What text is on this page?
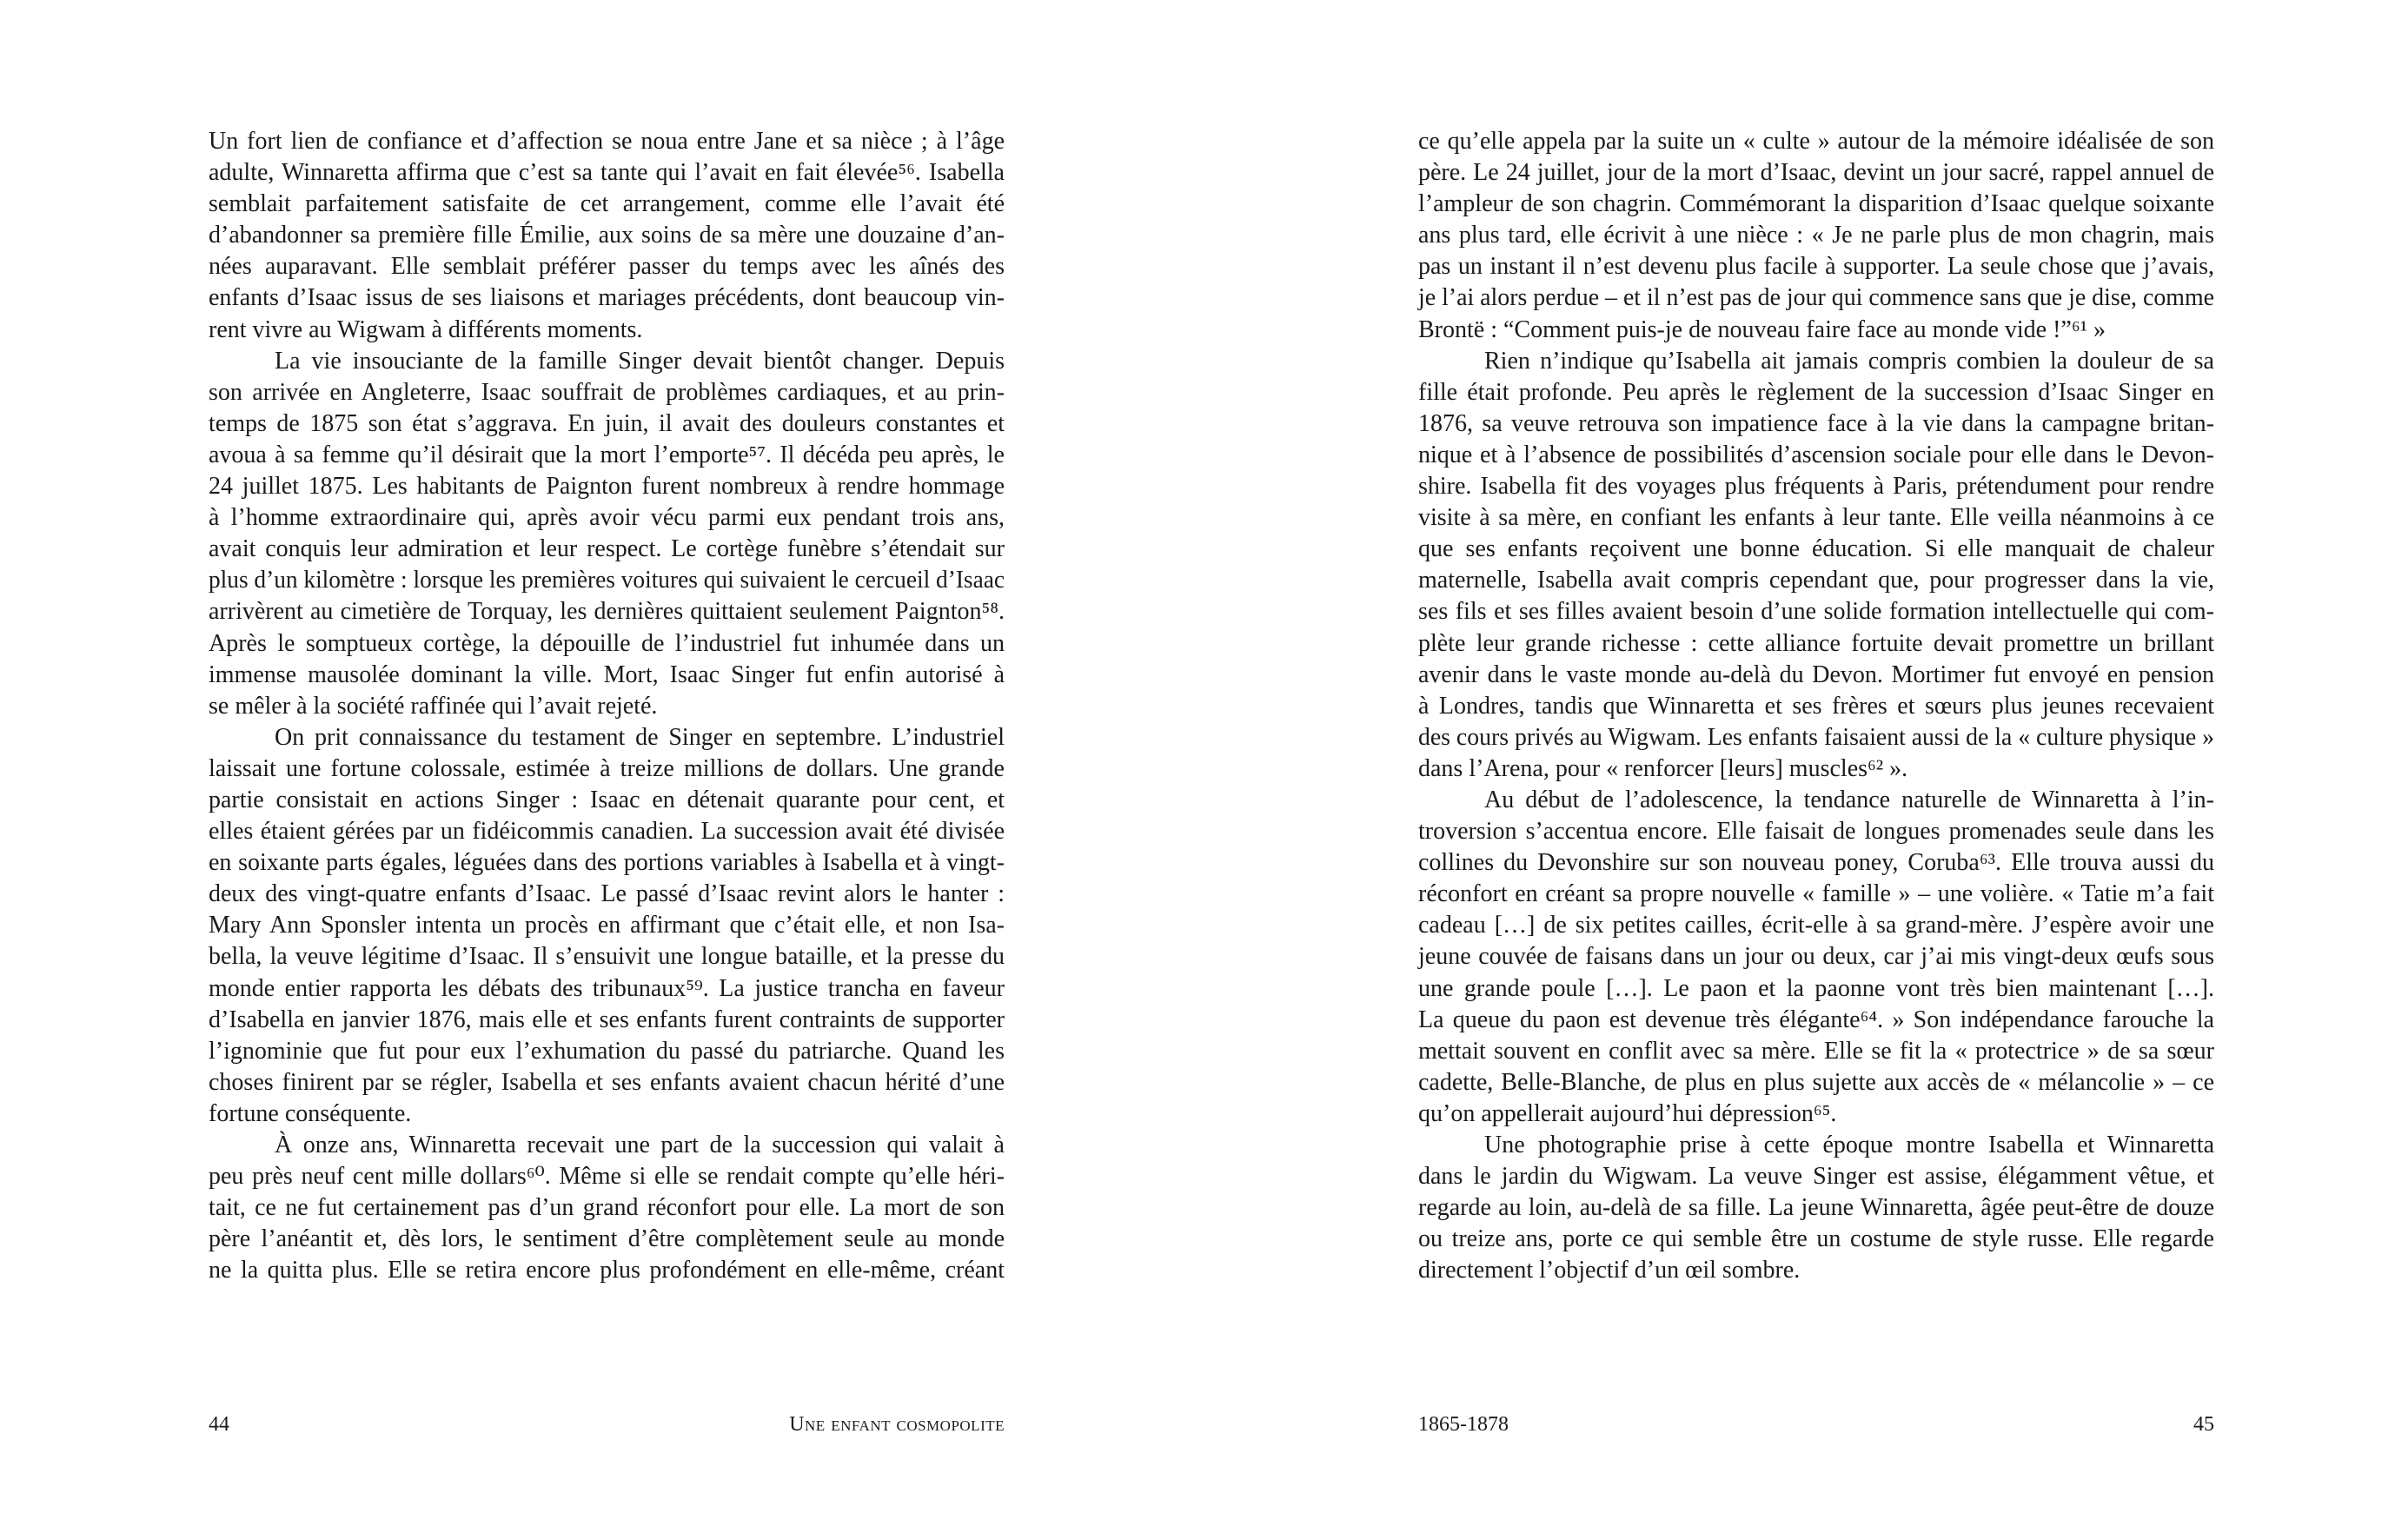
Un fort lien de confiance et d’affection se noua entre Jane et sa nièce ; à l’âge
adulte, Winnaretta affirma que c’est sa tante qui l’avait en fait élevée⁵⁶. Isabella
semblait parfaitement satisfaite de cet arrangement, comme elle l’avait été
d’abandonner sa première fille Émilie, aux soins de sa mère une douzaine d’an-
nées auparavant. Elle semblait préférer passer du temps avec les aînés des
enfants d’Isaac issus de ses liaisons et mariages précédents, dont beaucoup vin-
rent vivre au Wigwam à différents moments.
La vie insouciante de la famille Singer devait bientôt changer. Depuis
son arrivée en Angleterre, Isaac souffrait de problèmes cardiaques, et au prin-
temps de 1875 son état s’aggrava. En juin, il avait des douleurs constantes et
avoua à sa femme qu’il désirait que la mort l’emporte⁵⁷. Il décéda peu après, le
24 juillet 1875. Les habitants de Paignton furent nombreux à rendre hommage
à l’homme extraordinaire qui, après avoir vécu parmi eux pendant trois ans,
avait conquis leur admiration et leur respect. Le cortège funèbre s’étendait sur
plus d’un kilomètre : lorsque les premières voitures qui suivaient le cercueil d’Isaac
arrivèrent au cimetière de Torquay, les dernières quittaient seulement Paignton⁵⁸.
Après le somptueux cortège, la dépouille de l’industriel fut inhumée dans un
immense mausolée dominant la ville. Mort, Isaac Singer fut enfin autorisé à
se mêler à la société raffinée qui l’avait rejeté.
On prit connaissance du testament de Singer en septembre. L’industriel
laissait une fortune colossale, estimée à treize millions de dollars. Une grande
partie consistait en actions Singer : Isaac en détenait quarante pour cent, et
elles étaient gérées par un fidéicommis canadien. La succession avait été divisée
en soixante parts égales, léguées dans des portions variables à Isabella et à vingt-
deux des vingt-quatre enfants d’Isaac. Le passé d’Isaac revint alors le hanter :
Mary Ann Sponsler intenta un procès en affirmant que c’était elle, et non Isa-
bella, la veuve légitime d’Isaac. Il s’ensuivit une longue bataille, et la presse du
monde entier rapporta les débats des tribunaux⁵⁹. La justice trancha en faveur
d’Isabella en janvier 1876, mais elle et ses enfants furent contraints de supporter
l’ignominie que fut pour eux l’exhumation du passé du patriarche. Quand les
choses finirent par se régler, Isabella et ses enfants avaient chacun hérité d’une
fortune conséquente.
À onze ans, Winnaretta recevait une part de la succession qui valait à
peu près neuf cent mille dollars⁶⁰. Même si elle se rendait compte qu’elle héri-
tait, ce ne fut certainement pas d’un grand réconfort pour elle. La mort de son
père l’anéantit et, dès lors, le sentiment d’être complètement seule au monde
ne la quitta plus. Elle se retira encore plus profondément en elle-même, créant
44	Une enfant cosmopolite
ce qu’elle appela par la suite un « culte » autour de la mémoire idéalisée de son
père. Le 24 juillet, jour de la mort d’Isaac, devint un jour sacré, rappel annuel de
l’ampleur de son chagrin. Commémorant la disparition d’Isaac quelque soixante
ans plus tard, elle écrivit à une nièce : « Je ne parle plus de mon chagrin, mais
pas un instant il n’est devenu plus facile à supporter. La seule chose que j’avais,
je l’ai alors perdue – et il n’est pas de jour qui commence sans que je dise, comme
Brontë : “Comment puis-je de nouveau faire face au monde vide !”⁶¹ »
Rien n’indique qu’Isabella ait jamais compris combien la douleur de sa
fille était profonde. Peu après le règlement de la succession d’Isaac Singer en
1876, sa veuve retrouva son impatience face à la vie dans la campagne britan-
nique et à l’absence de possibilités d’ascension sociale pour elle dans le Devon-
shire. Isabella fit des voyages plus fréquents à Paris, prétendument pour rendre
visite à sa mère, en confiant les enfants à leur tante. Elle veilla néanmoins à ce
que ses enfants reçoivent une bonne éducation. Si elle manquait de chaleur
maternelle, Isabella avait compris cependant que, pour progresser dans la vie,
ses fils et ses filles avaient besoin d’une solide formation intellectuelle qui com-
plète leur grande richesse : cette alliance fortuite devait promettre un brillant
avenir dans le vaste monde au-delà du Devon. Mortimer fut envoyé en pension
à Londres, tandis que Winnaretta et ses frères et sœurs plus jeunes recevaient
des cours privés au Wigwam. Les enfants faisaient aussi de la « culture physique »
dans l’Arena, pour « renforcer [leurs] muscles⁶² ».
Au début de l’adolescence, la tendance naturelle de Winnaretta à l’in-
troversion s’accentua encore. Elle faisait de longues promenades seule dans les
collines du Devonshire sur son nouveau poney, Coruba⁶³. Elle trouva aussi du
réconfort en créant sa propre nouvelle « famille » – une volière. « Tatie m’a fait
cadeau […] de six petites cailles, écrit-elle à sa grand-mère. J’espère avoir une
jeune couvée de faisans dans un jour ou deux, car j’ai mis vingt-deux œufs sous
une grande poule […]. Le paon et la paonne vont très bien maintenant […].
La queue du paon est devenue très élégante⁶⁴. » Son indépendance farouche la
mettait souvent en conflit avec sa mère. Elle se fit la « protectrice » de sa sœur
cadette, Belle-Blanche, de plus en plus sujette aux accès de « mélancolie » – ce
qu’on appellerait aujourd’hui dépression⁶⁵.
Une photographie prise à cette époque montre Isabella et Winnaretta
dans le jardin du Wigwam. La veuve Singer est assise, élégamment vêtue, et
regarde au loin, au-delà de sa fille. La jeune Winnaretta, âgée peut-être de douze
ou treize ans, porte ce qui semble être un costume de style russe. Elle regarde
directement l’objectif d’un œil sombre.
1865-1878	45
